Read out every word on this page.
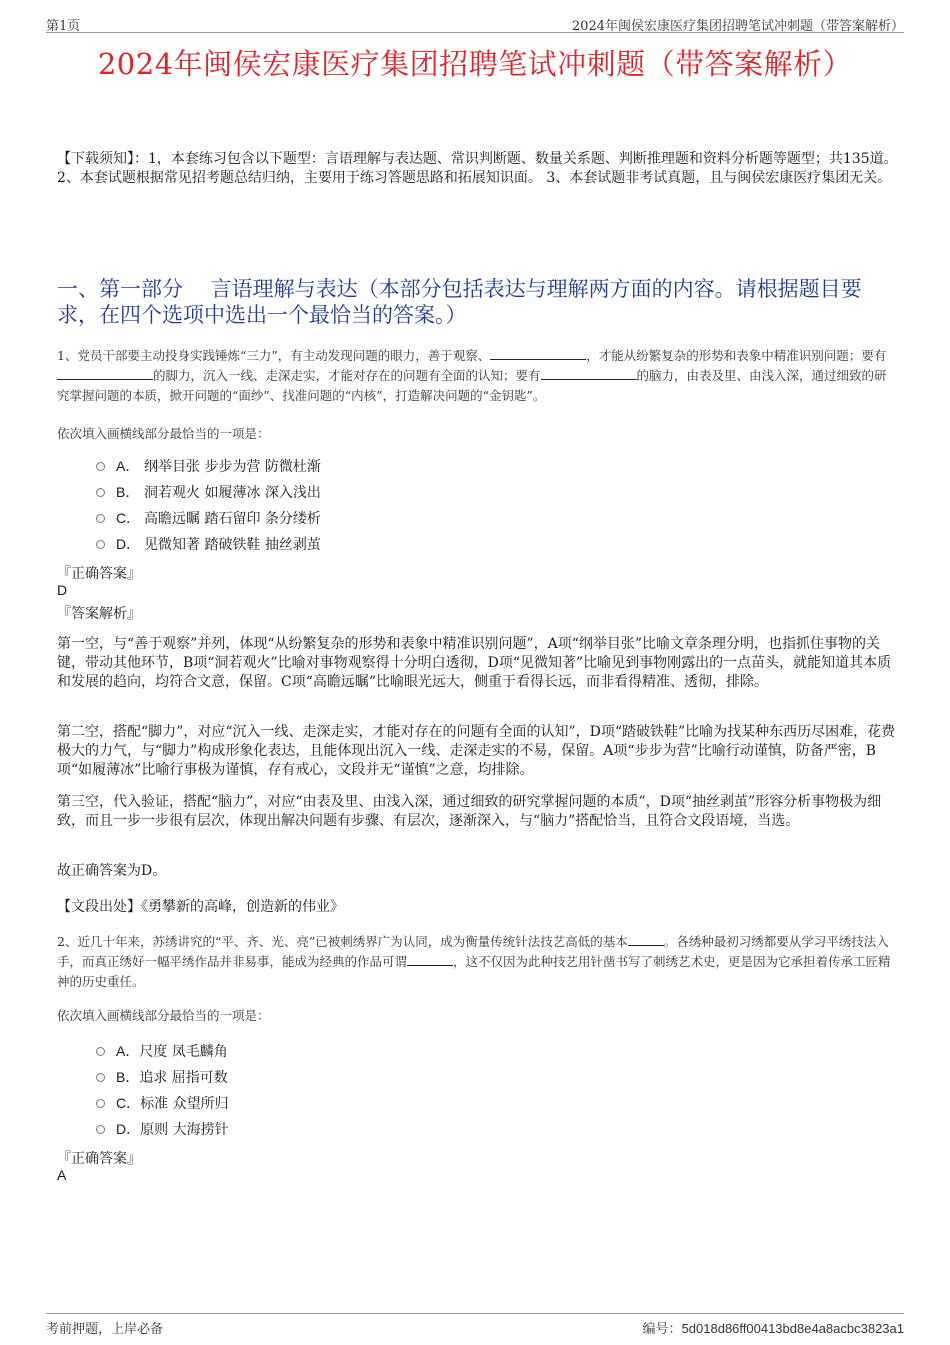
第1页	2024年闽侯宏康医疗集团招聘笔试冲刺题（带答案解析）
2024年闽侯宏康医疗集团招聘笔试冲刺题（带答案解析）
【下载须知】：1，本套练习包含以下题型：言语理解与表达题、常识判断题、数量关系题、判断推理题和资料分析题等题型；共135道。 2、本套试题根据常见招考题总结归纳，主要用于练习答题思路和拓展知识面。 3、本套试题非考试真题，且与闽侯宏康医疗集团无关。
一、第一部分　 言语理解与表达（本部分包括表达与理解两方面的内容。请根据题目要求，在四个选项中选出一个最恰当的答案。）
1、党员干部要主动投身实践锤炼“三力”，有主动发现问题的眼力，善于观察、	，才能从纷繁复杂的形势和表象中精准识别问题；要有的脚力，沉入一线、走深走实，才能对存在的问题有全面的认知；要有	的脑力，由表及里、由浅入深，通过细致的研究掌握问题的本质，掀开问题的“面纱”、找准问题的“内核”，打造解决问题的“金钥匙”。
依次填入画横线部分最恰当的一项是：
A． 纲举目张 步步为营 防微杜渐
B． 洞若观火 如履薄冰 深入浅出
C． 高瞻远瞩 踏石留印 条分缕析
D． 见微知著 踏破铁鞋 抽丝剥茧
『正确答案』
D
『答案解析』
第一空，与“善于观察”并列，体现“从纷繁复杂的形势和表象中精准识别问题”，A项“纲举目张”比喻文章条理分明，也指抓住事物的关键，带动其他环节，B项“洞若观火”比喻对事物观察得十分明白透彻，D项“见微知著”比喻见到事物刚露出的一点苗头，就能知道其本质和发展的趋向，均符合文意，保留。C项“高瞻远瞩”比喻眼光远大，侧重于看得长远，而非看得精准、透彻，排除。
第二空，搭配“脚力”，对应“沉入一线、走深走实，才能对存在的问题有全面的认知”，D项“踏破铁鞋”比喻为找某种东西历尽困难，花费极大的力气，与“脚力”构成形象化表达，且能体现出沉入一线、走深走实的不易，保留。A项“步步为营”比喻行动谨慎，防备严密，B项“如履薄冰”比喻行事极为谨慎，存有戒心，文段并无“谨慎”之意，均排除。
第三空，代入验证，搭配“脑力”，对应“由表及里、由浅入深，通过细致的研究掌握问题的本质”，D项“抽丝剥茧”形容分析事物极为细致，而且一步一步很有层次，体现出解决问题有步骤、有层次，逐渐深入，与“脑力”搭配恰当，且符合文段语境，当选。
故正确答案为D。
【文段出处】《勇攀新的高峰，创造新的伟业》
2、近几十年来，苏绣讲究的“平、齐、光、亮”已被刺绣界广为认同，成为衡量传统针法技艺高低的基本	。各绣种最初习绣都要从学习平绣技法入手，而真正绣好一幅平绣作品并非易事，能成为经典的作品可谓	，这不仅因为此种技艺用针凿书写了刺绣艺术史，更是因为它承担着传承工匠精神的历史重任。
依次填入画横线部分最恰当的一项是：
A．尺度 凤毛麟角
B．追求 屈指可数
C．标准 众望所归
D．原则 大海捞针
『正确答案』
A
考前押题，上岸必备	编号：5d018d86ff00413bd8e4a8acbc3823a1
